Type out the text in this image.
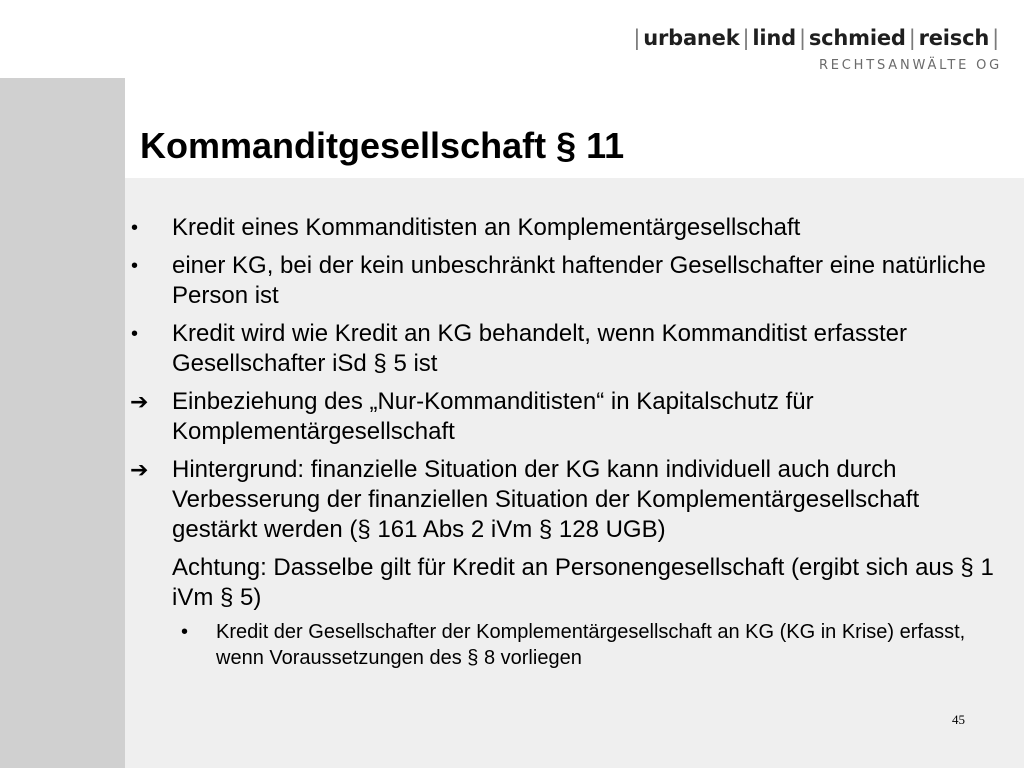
| urbanek | lind | schmied | reisch |
RECHTSANWÄLTE OG
Kommanditgesellschaft § 11
•	Kredit eines Kommanditisten an Komplementärgesellschaft
•	einer KG, bei der kein unbeschränkt haftender Gesellschafter eine natürliche Person ist
•	Kredit wird wie Kredit an KG behandelt, wenn Kommanditist erfasster Gesellschafter iSd § 5 ist
➔ Einbeziehung des „Nur-Kommanditisten“ in Kapitalschutz für Komplementärgesellschaft
➔ Hintergrund: finanzielle Situation der KG kann individuell auch durch Verbesserung der finanziellen Situation der Komplementärgesellschaft gestärkt werden (§ 161 Abs 2 iVm § 128 UGB)
Achtung: Dasselbe gilt für Kredit an Personengesellschaft (ergibt sich aus § 1 iVm § 5)
•	Kredit der Gesellschafter der Komplementärgesellschaft an KG (KG in Krise) erfasst, wenn Voraussetzungen des § 8 vorliegen
45
